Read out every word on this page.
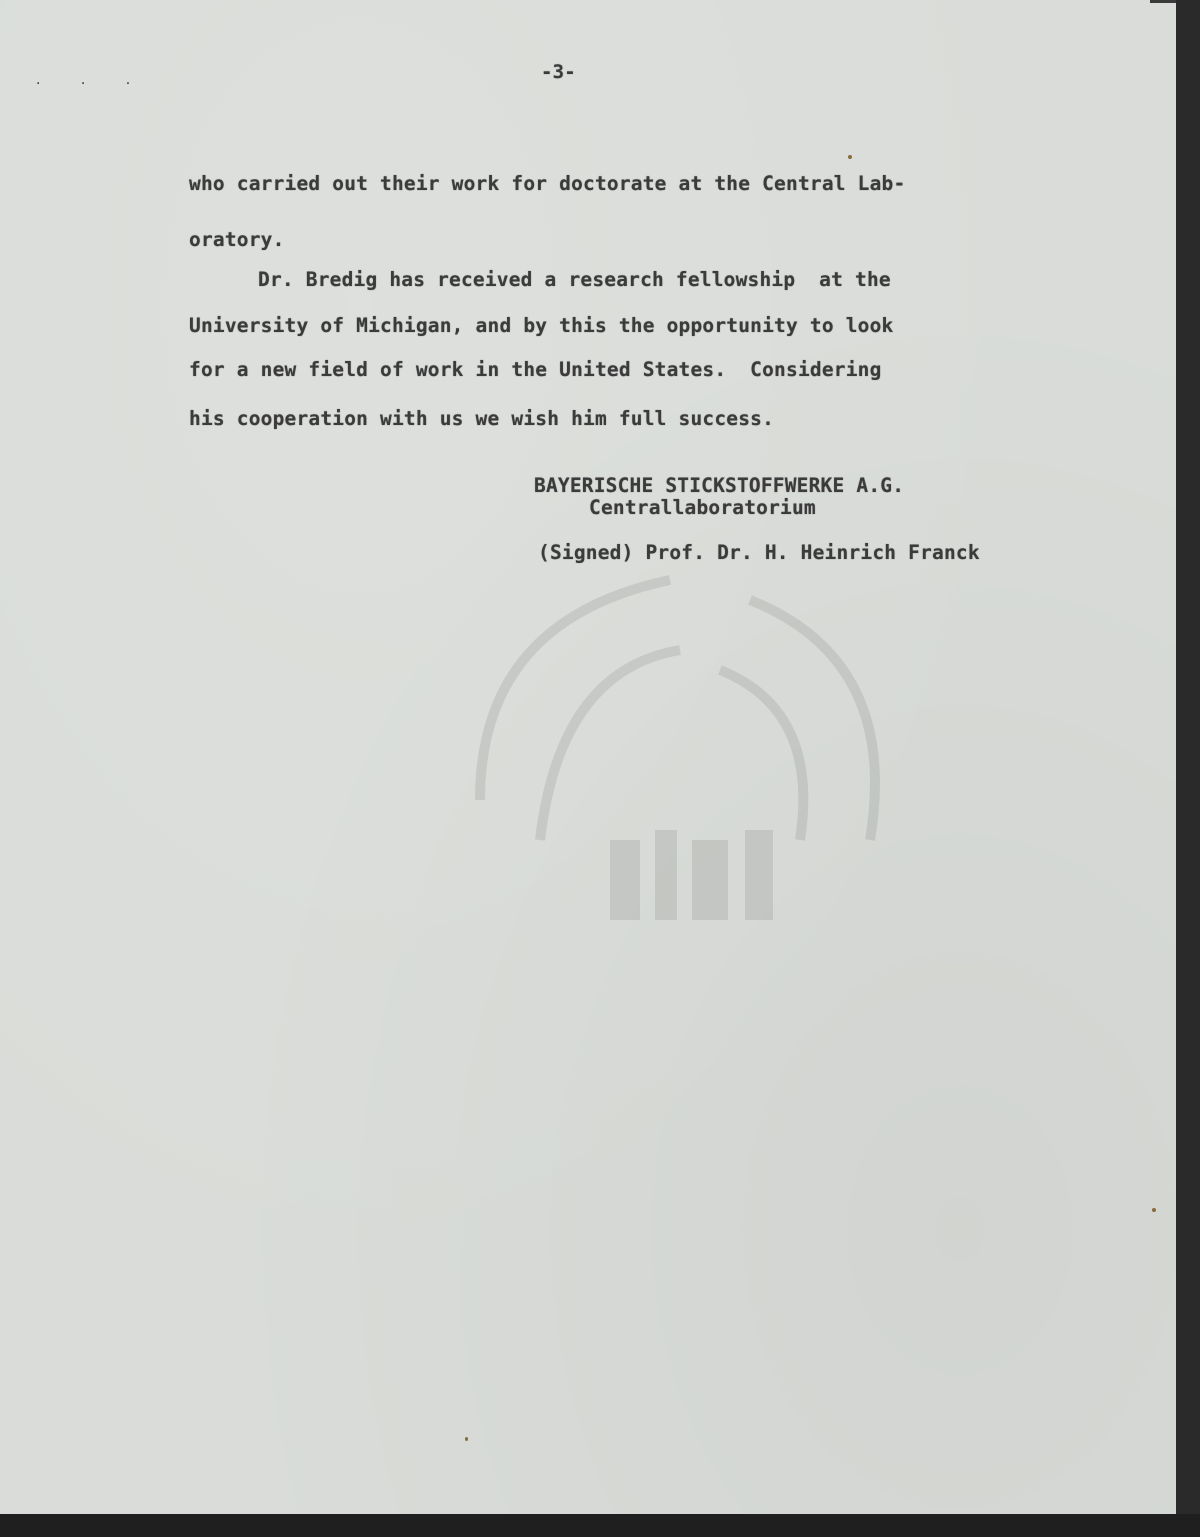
. . .	-3-
who carried out their work for doctorate at the Central Lab-
oratory.
Dr. Bredig has received a research fellowship  at the
University of Michigan, and by this the opportunity to look
for a new field of work in the United States.  Considering
his cooperation with us we wish him full success.
BAYERISCHE STICKSTOFFWERKE A.G.
Centrallaboratorium
(Signed) Prof. Dr. H. Heinrich Franck
